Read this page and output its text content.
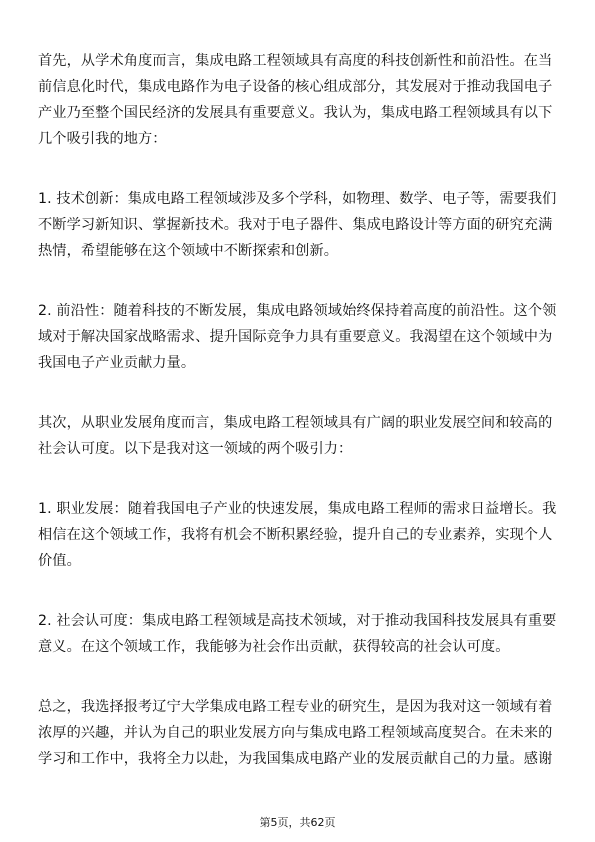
首先，从学术角度而言，集成电路工程领域具有高度的科技创新性和前沿性。在当
前信息化时代，集成电路作为电子设备的核心组成部分，其发展对于推动我国电子
产业乃至整个国民经济的发展具有重要意义。我认为，集成电路工程领域具有以下
几个吸引我的地方：

1. 技术创新：集成电路工程领域涉及多个学科，如物理、数学、电子等，需要我们
不断学习新知识、掌握新技术。我对于电子器件、集成电路设计等方面的研究充满
热情，希望能够在这个领域中不断探索和创新。

2. 前沿性：随着科技的不断发展，集成电路领域始终保持着高度的前沿性。这个领
域对于解决国家战略需求、提升国际竞争力具有重要意义。我渴望在这个领域中为
我国电子产业贡献力量。

其次，从职业发展角度而言，集成电路工程领域具有广阔的职业发展空间和较高的
社会认可度。以下是我对这一领域的两个吸引力：

1. 职业发展：随着我国电子产业的快速发展，集成电路工程师的需求日益增长。我
相信在这个领域工作，我将有机会不断积累经验，提升自己的专业素养，实现个人
价值。

2. 社会认可度：集成电路工程领域是高技术领域，对于推动我国科技发展具有重要
意义。在这个领域工作，我能够为社会作出贡献，获得较高的社会认可度。

总之，我选择报考辽宁大学集成电路工程专业的研究生，是因为我对这一领域有着
浓厚的兴趣，并认为自己的职业发展方向与集成电路工程领域高度契合。在未来的
学习和工作中，我将全力以赴，为我国集成电路产业的发展贡献自己的力量。感谢

第5页，共62页
